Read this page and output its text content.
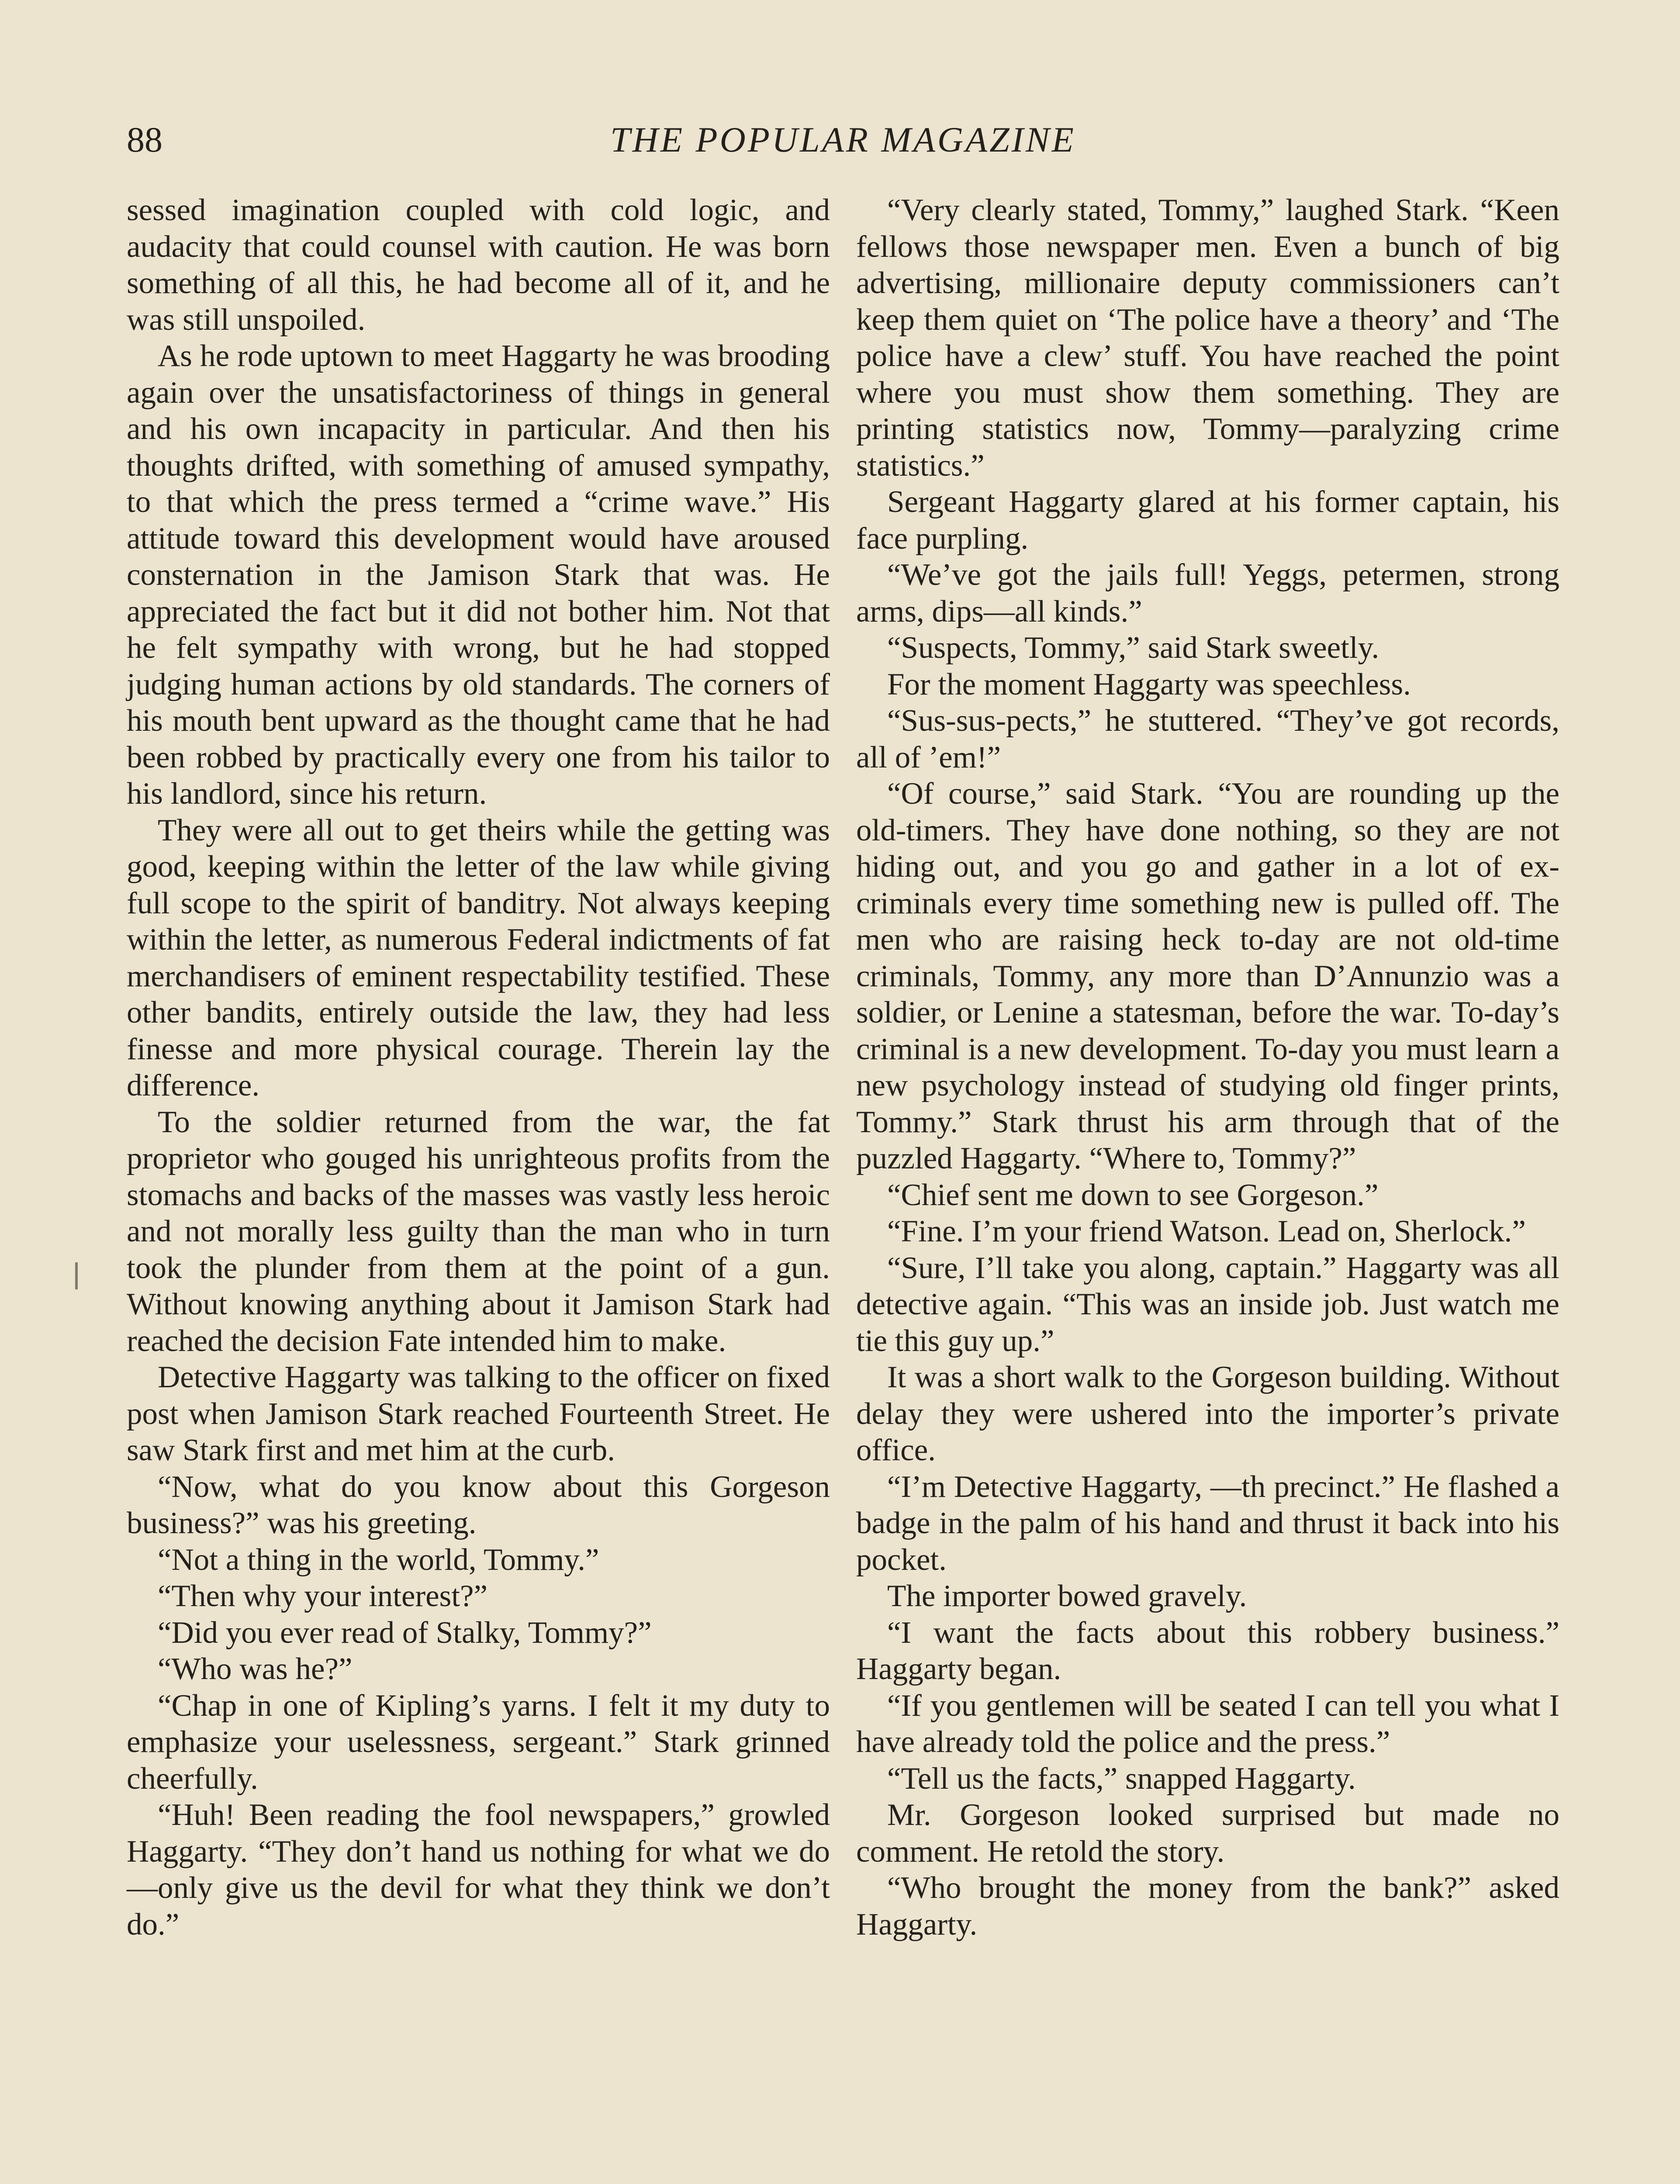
88	THE POPULAR MAGAZINE

sessed imagination coupled with cold logic, and audacity that could counsel with caution. He was born something of all this, he had become all of it, and he was still unspoiled.

As he rode uptown to meet Haggarty he was brooding again over the unsatisfactoriness of things in general and his own incapacity in particular. And then his thoughts drifted, with something of amused sympathy, to that which the press termed a “crime wave.” His attitude toward this development would have aroused consternation in the Jamison Stark that was. He appreciated the fact but it did not bother him. Not that he felt sympathy with wrong, but he had stopped judging human actions by old standards. The corners of his mouth bent upward as the thought came that he had been robbed by practically every one from his tailor to his landlord, since his return.

They were all out to get theirs while the getting was good, keeping within the letter of the law while giving full scope to the spirit of banditry. Not always keeping within the letter, as numerous Federal indictments of fat merchandisers of eminent respectability testified. These other bandits, entirely outside the law, they had less finesse and more physical courage. Therein lay the difference.

To the soldier returned from the war, the fat proprietor who gouged his unrighteous profits from the stomachs and backs of the masses was vastly less heroic and not morally less guilty than the man who in turn took the plunder from them at the point of a gun. Without knowing anything about it Jamison Stark had reached the decision Fate intended him to make.

Detective Haggarty was talking to the officer on fixed post when Jamison Stark reached Fourteenth Street. He saw Stark first and met him at the curb.

“Now, what do you know about this Gorgeson business?” was his greeting.

“Not a thing in the world, Tommy.”

“Then why your interest?”

“Did you ever read of Stalky, Tommy?”

“Who was he?”

“Chap in one of Kipling’s yarns. I felt it my duty to emphasize your uselessness, sergeant.” Stark grinned cheerfully.

“Huh! Been reading the fool newspapers,” growled Haggarty. “They don’t hand us nothing for what we do—only give us the devil for what they think we don’t do.”

“Very clearly stated, Tommy,” laughed Stark. “Keen fellows those newspaper men. Even a bunch of big advertising, millionaire deputy commissioners can’t keep them quiet on ‘The police have a theory’ and ‘The police have a clew’ stuff. You have reached the point where you must show them something. They are printing statistics now, Tommy—paralyzing crime statistics.”

Sergeant Haggarty glared at his former captain, his face purpling.

“We’ve got the jails full! Yeggs, petermen, strong arms, dips—all kinds.”

“Suspects, Tommy,” said Stark sweetly.

For the moment Haggarty was speechless.

“Sus-sus-pects,” he stuttered. “They’ve got records, all of ’em!”

“Of course,” said Stark. “You are rounding up the old-timers. They have done nothing, so they are not hiding out, and you go and gather in a lot of ex-criminals every time something new is pulled off. The men who are raising heck to-day are not old-time criminals, Tommy, any more than D’Annunzio was a soldier, or Lenine a statesman, before the war. To-day’s criminal is a new development. To-day you must learn a new psychology instead of studying old finger prints, Tommy.” Stark thrust his arm through that of the puzzled Haggarty. “Where to, Tommy?”

“Chief sent me down to see Gorgeson.”

“Fine. I’m your friend Watson. Lead on, Sherlock.”

“Sure, I’ll take you along, captain.” Haggarty was all detective again. “This was an inside job. Just watch me tie this guy up.”

It was a short walk to the Gorgeson building. Without delay they were ushered into the importer’s private office.

“I’m Detective Haggarty, —th precinct.” He flashed a badge in the palm of his hand and thrust it back into his pocket.

The importer bowed gravely.

“I want the facts about this robbery business.” Haggarty began.

“If you gentlemen will be seated I can tell you what I have already told the police and the press.”

“Tell us the facts,” snapped Haggarty.

Mr. Gorgeson looked surprised but made no comment. He retold the story.

“Who brought the money from the bank?” asked Haggarty.
